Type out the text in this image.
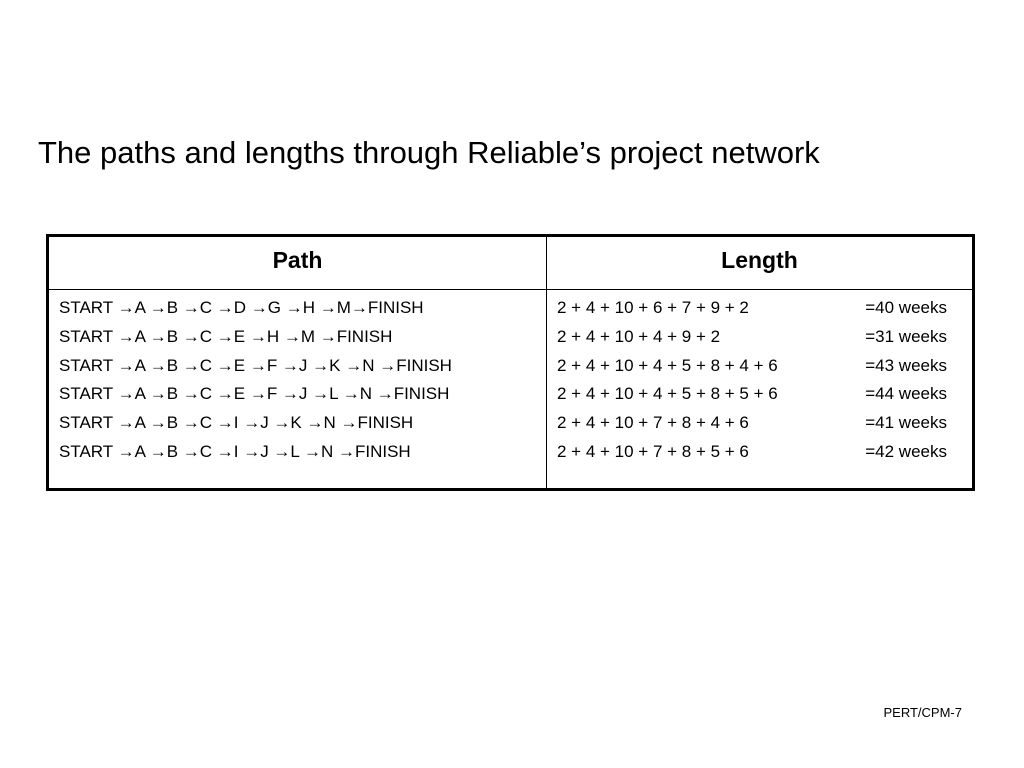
The paths and lengths through Reliable’s project network
Path	Length
START →A →B →C →D →G →H →M→FINISH
START →A →B →C →E →H →M →FINISH
START →A →B →C →E →F →J →K →N →FINISH
START →A →B →C →E →F →J →L →N →FINISH
START →A →B →C →I →J →K →N →FINISH
START →A →B →C →I →J →L →N →FINISH
2 + 4 + 10 + 6 + 7 + 9 + 2
2 + 4 + 10 + 4 + 9 + 2
2 + 4 + 10 + 4 + 5 + 8 + 4 + 6
2 + 4 + 10 + 4 + 5 + 8 + 5 + 6
2 + 4 + 10 + 7 + 8 + 4 + 6
2 + 4 + 10 + 7 + 8 + 5 + 6
=40 weeks
=31 weeks
=43 weeks
=44 weeks
=41 weeks
=42 weeks
PERT/CPM-7
